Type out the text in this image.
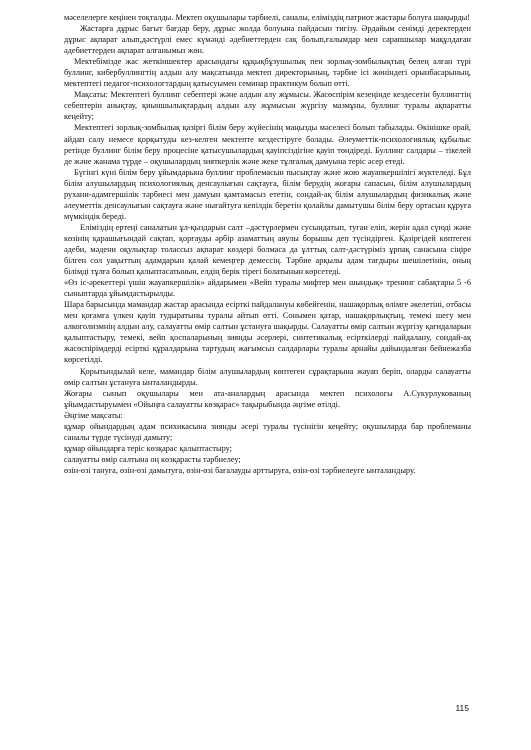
мәселелерге кеңінен тоқталды. Мектеп оқушылары тәрбиелі, саналы, еліміздің патриот жастары болуға шақырды!

Жастарға дұрыс бағыт бағдар беру, дұрыс жолда болуына пайдасын тигізу. Әрдайым сенімді деректерден дұрыс ақпарат алып,дәстүрлі емес күмәнді әдебиеттерден сақ болып,ғалымдар мен сарапшылар мақұлдаған әдебиеттерден ақпарат алғанымыз жөн.

Мектебімізде жас жеткіншектер арасындағы құқықбұзушылық пен зорлық-зомбылықтың белең алған түрі буллинг, кибербуллингтің алдын алу мақсатында мектеп директорының, тәрбие ісі жөніндегі орынбасарының, мектептегі педагог-психологтардың қатысуымен семинар практикум болып өтті.

Мақсаты: Мектептегі буллинг себептері және алдын алу жұмысы. Жасөспірім кезеңінде кездесетін буллингтің себептерін анықтау, қиыншылықтардың алдын алу жұмысын жүргізу мазмұны, буллинг туралы ақпаратты кеңейту;

Мектептегі зорлық-зомбылық қазіргі білім беру жүйесінің маңызды мәселесі болып табылады. Өкінішке орай, айдап салу немесе қорқытуды кез-келген мектепте кездестіруге болады. Әлеуметтік-психологиялық құбылыс ретінде буллинг білім беру процесіне қатысушылардың қауіпсіздігіне қауіп төндіреді. Буллинг салдары – тікелей де және жанама түрде – оқушылардың зияткерлік және жеке тұлғалық дамуына теріс әсер етеді.

Бүгінгі күні білім беру ұйымдарына буллинг проблемасын пысықтау және жою жауапкершілігі жүктеледі. Бұл білім алушылардың психологиялық денсаулығын сақтауға, білім берудің жоғары сапасын, білім алушылардың рухани-адамгершілік тәрбиесі мен дамуын қамтамасыз ететін, сондай-ақ білім алушылардың физикалық және әлеуметтік денсаулығын сақтауға және нығайтуға кепілдік беретін қолайлы дамытушы білім беру ортасын құруға мүмкіндік береді.

Еліміздің ертеңі саналатын ұл-қыздарын салт –дәстүрлермен сусындатып, туған еліп, жерін адал сүюді және көзінің қарашығындай сақтап, қорғауды әрбір азаматтың аяулы борышы деп түсіндірген. Қазіргідей көптеген әдеби, мәдени оқулықтар толассыз ақпарат көздері болмаса да ұлттық салт-дәстүріміз ұрпақ санасына сіңіре білген сол уақыттың адамдарын қалай кемеңгер демессің. Тәрбие арқылы адам тағдыры шешілетінін, оның білімді тұлға болып қалыптасатынын, елдің берік тірегі болатынын көрсетеді.

«Өз іс-әрекеттері үшін жауапкершілік» айдарымен «Вейп туралы мифтер мен шындық» тренинг сабақтары 5 -6 сыныптарда ұйымдастырылды.

Шара барысында мамандар жастар арасында есірткі пайдалануы көбейгенін, нашақорлық өлімге әкелетіні, отбасы мен қоғамға үлкен қауіп тудыратыны туралы айтып өтті. Сонымен қатар, нашақорлықтың, темекі шегу мен алкоголизмнің алдын алу, салауатты өмір салтын ұстануға шақырды. Салауатты өмір салтын жүргізу қағидаларын қалыптастыру, темекі, вейп қоспаларының зиянды әсерлері, синтетикалық есірткілерді пайдалану, сондай-ақ жасөспірімдерді есірткі құралдарына тартудың жағымсыз салдарлары туралы арнайы дайындалған бейнежазба көрсетілді.

Қорытындылай келе, мамандар білім алушылардың көптеген сұрақтарына жауап беріп, оларды салауатты өмір салтын ұстануға ынталандырды.

Жоғары сынып оқушылары мен ата-аналардың арасында мектеп психологы А.Сукурлукованың ұйымдастыруымен «Ойыңға салауатты көзқарас» тақырыбында әңгіме өтілді.

Әңгіме мақсаты:

құмар ойындардың адам психикасына зиянды әсері туралы түсінігін кеңейту; оқушыларда бар проблеманы саналы түрде түсінуді дамыту;

құмар ойындарға теріс көзқарас қалыптастыру;

салауатты өмір салтына оң көзқарасты тәрбиелеу;

өзін-өзі тануға, өзін-өзі дамытуға, өзін-өзі бағалауды арттыруға, өзін-өзі тәрбиелеуге ынталандыру.

115
